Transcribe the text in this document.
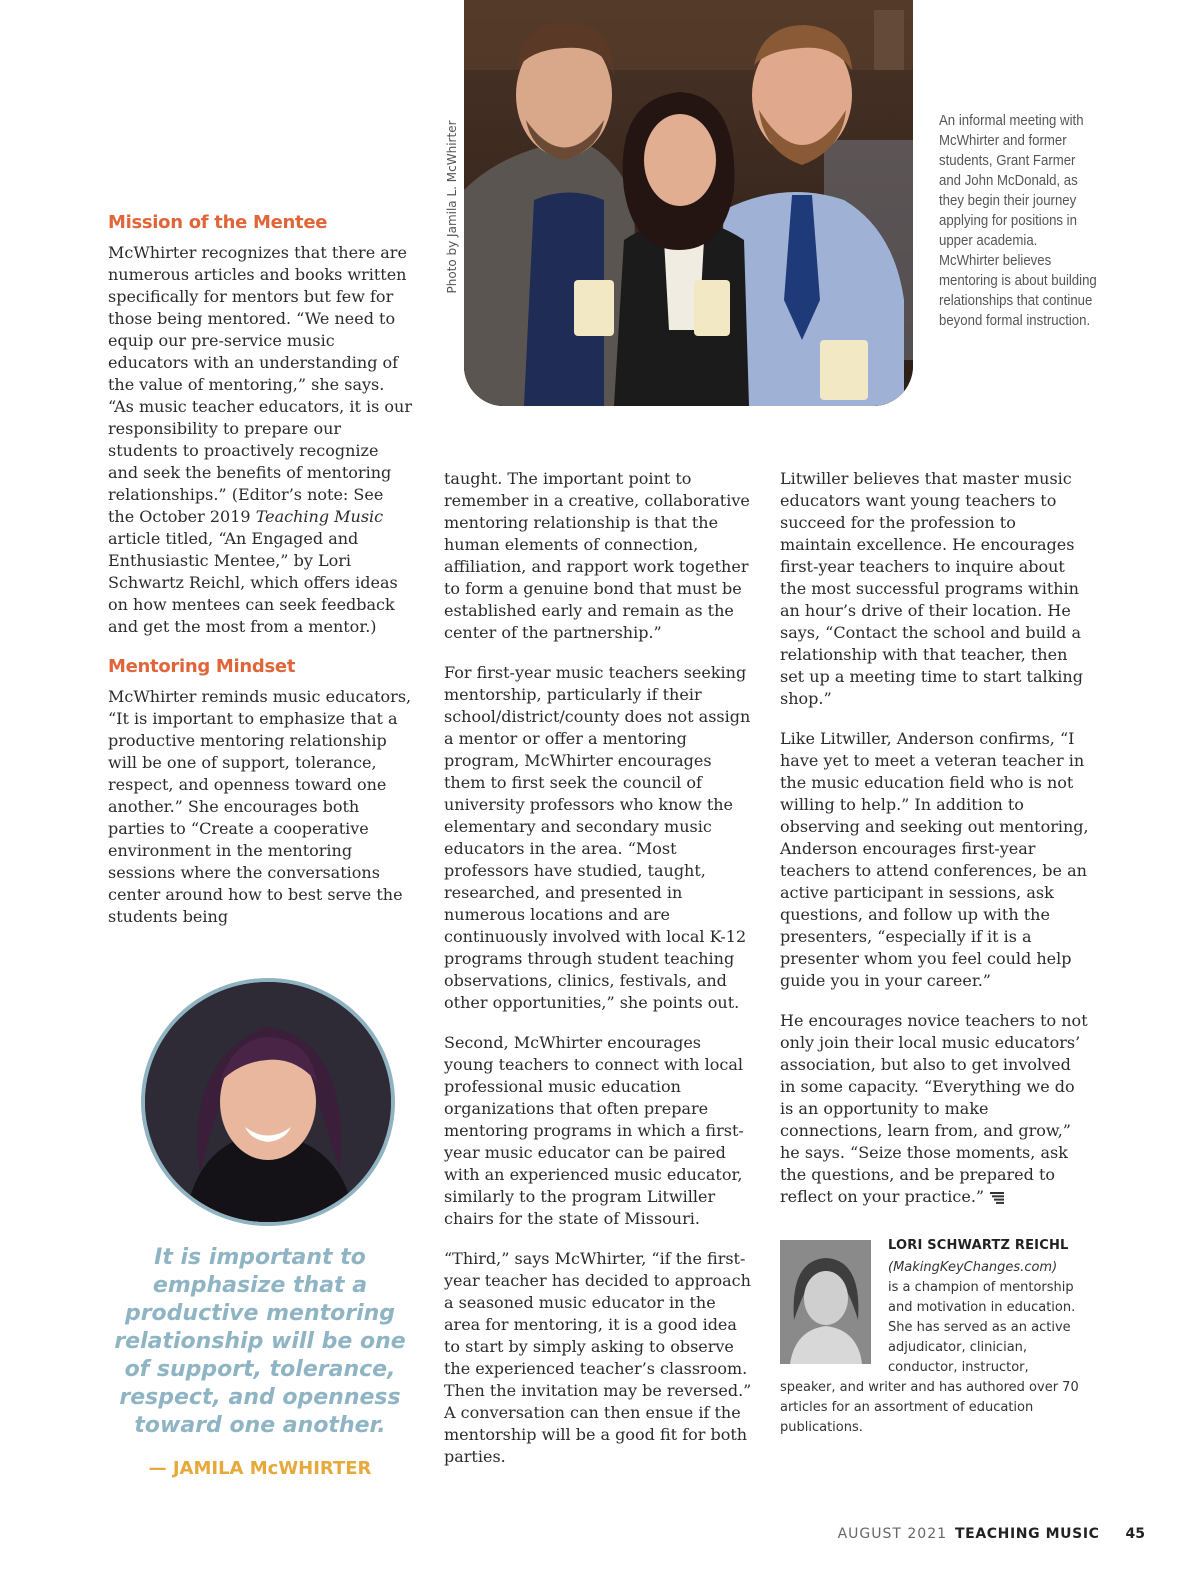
Photo by Jamila L. McWhirter	An informal meeting with McWhirter and former students, Grant Farmer and John McDonald, as they begin their journey applying for positions in upper academia. McWhirter believes mentoring is about building relationships that continue beyond formal instruction.
Mission of the Mentee

McWhirter recognizes that there are numerous articles and books written specifically for mentors but few for those being mentored. “We need to equip our pre-service music educators with an understanding of the value of mentoring,” she says. “As music teacher educators, it is our responsibility to prepare our students to proactively recognize and seek the benefits of mentoring relationships.” (Editor’s note: See the October 2019 Teaching Music article titled, “An Engaged and Enthusiastic Mentee,” by Lori Schwartz Reichl, which offers ideas on how mentees can seek feedback and get the most from a mentor.)

Mentoring Mindset

McWhirter reminds music educators, “It is important to emphasize that a productive mentoring relationship will be one of support, tolerance, respect, and openness toward one another.” She encourages both parties to “Create a cooperative environment in the mentoring sessions where the conversations center around how to best serve the students being

It is important to emphasize that a productive mentoring relationship will be one of support, tolerance, respect, and openness toward one another.
— JAMILA McWHIRTER

taught. The important point to remember in a creative, collaborative mentoring relationship is that the human elements of connection, affiliation, and rapport work together to form a genuine bond that must be established early and remain as the center of the partnership.”

For first-year music teachers seeking mentorship, particularly if their school/district/county does not assign a mentor or offer a mentoring program, McWhirter encourages them to first seek the council of university professors who know the elementary and secondary music educators in the area. “Most professors have studied, taught, researched, and presented in numerous locations and are continuously involved with local K-12 programs through student teaching observations, clinics, festivals, and other opportunities,” she points out.

Second, McWhirter encourages young teachers to connect with local professional music education organizations that often prepare mentoring programs in which a first-year music educator can be paired with an experienced music educator, similarly to the program Litwiller chairs for the state of Missouri.

“Third,” says McWhirter, “if the first-year teacher has decided to approach a seasoned music educator in the area for mentoring, it is a good idea to start by simply asking to observe the experienced teacher’s classroom. Then the invitation may be reversed.” A conversation can then ensue if the mentorship will be a good fit for both parties.

Litwiller believes that master music educators want young teachers to succeed for the profession to maintain excellence. He encourages first-year teachers to inquire about the most successful programs within an hour’s drive of their location. He says, “Contact the school and build a relationship with that teacher, then set up a meeting time to start talking shop.”

Like Litwiller, Anderson confirms, “I have yet to meet a veteran teacher in the music education field who is not willing to help.” In addition to observing and seeking out mentoring, Anderson encourages first-year teachers to attend conferences, be an active participant in sessions, ask questions, and follow up with the presenters, “especially if it is a presenter whom you feel could help guide you in your career.”

He encourages novice teachers to not only join their local music educators’ association, but also to get involved in some capacity. “Everything we do is an opportunity to make connections, learn from, and grow,” he says. “Seize those moments, ask the questions, and be prepared to reflect on your practice.”

LORI SCHWARTZ REICHL
(MakingKeyChanges.com)
is a champion of mentorship
and motivation in education.
She has served as an active
adjudicator, clinician,
conductor, instructor,
speaker, and writer and has authored over 70 articles for an assortment of education publications.
AUGUST 2021 TEACHING MUSIC 45
